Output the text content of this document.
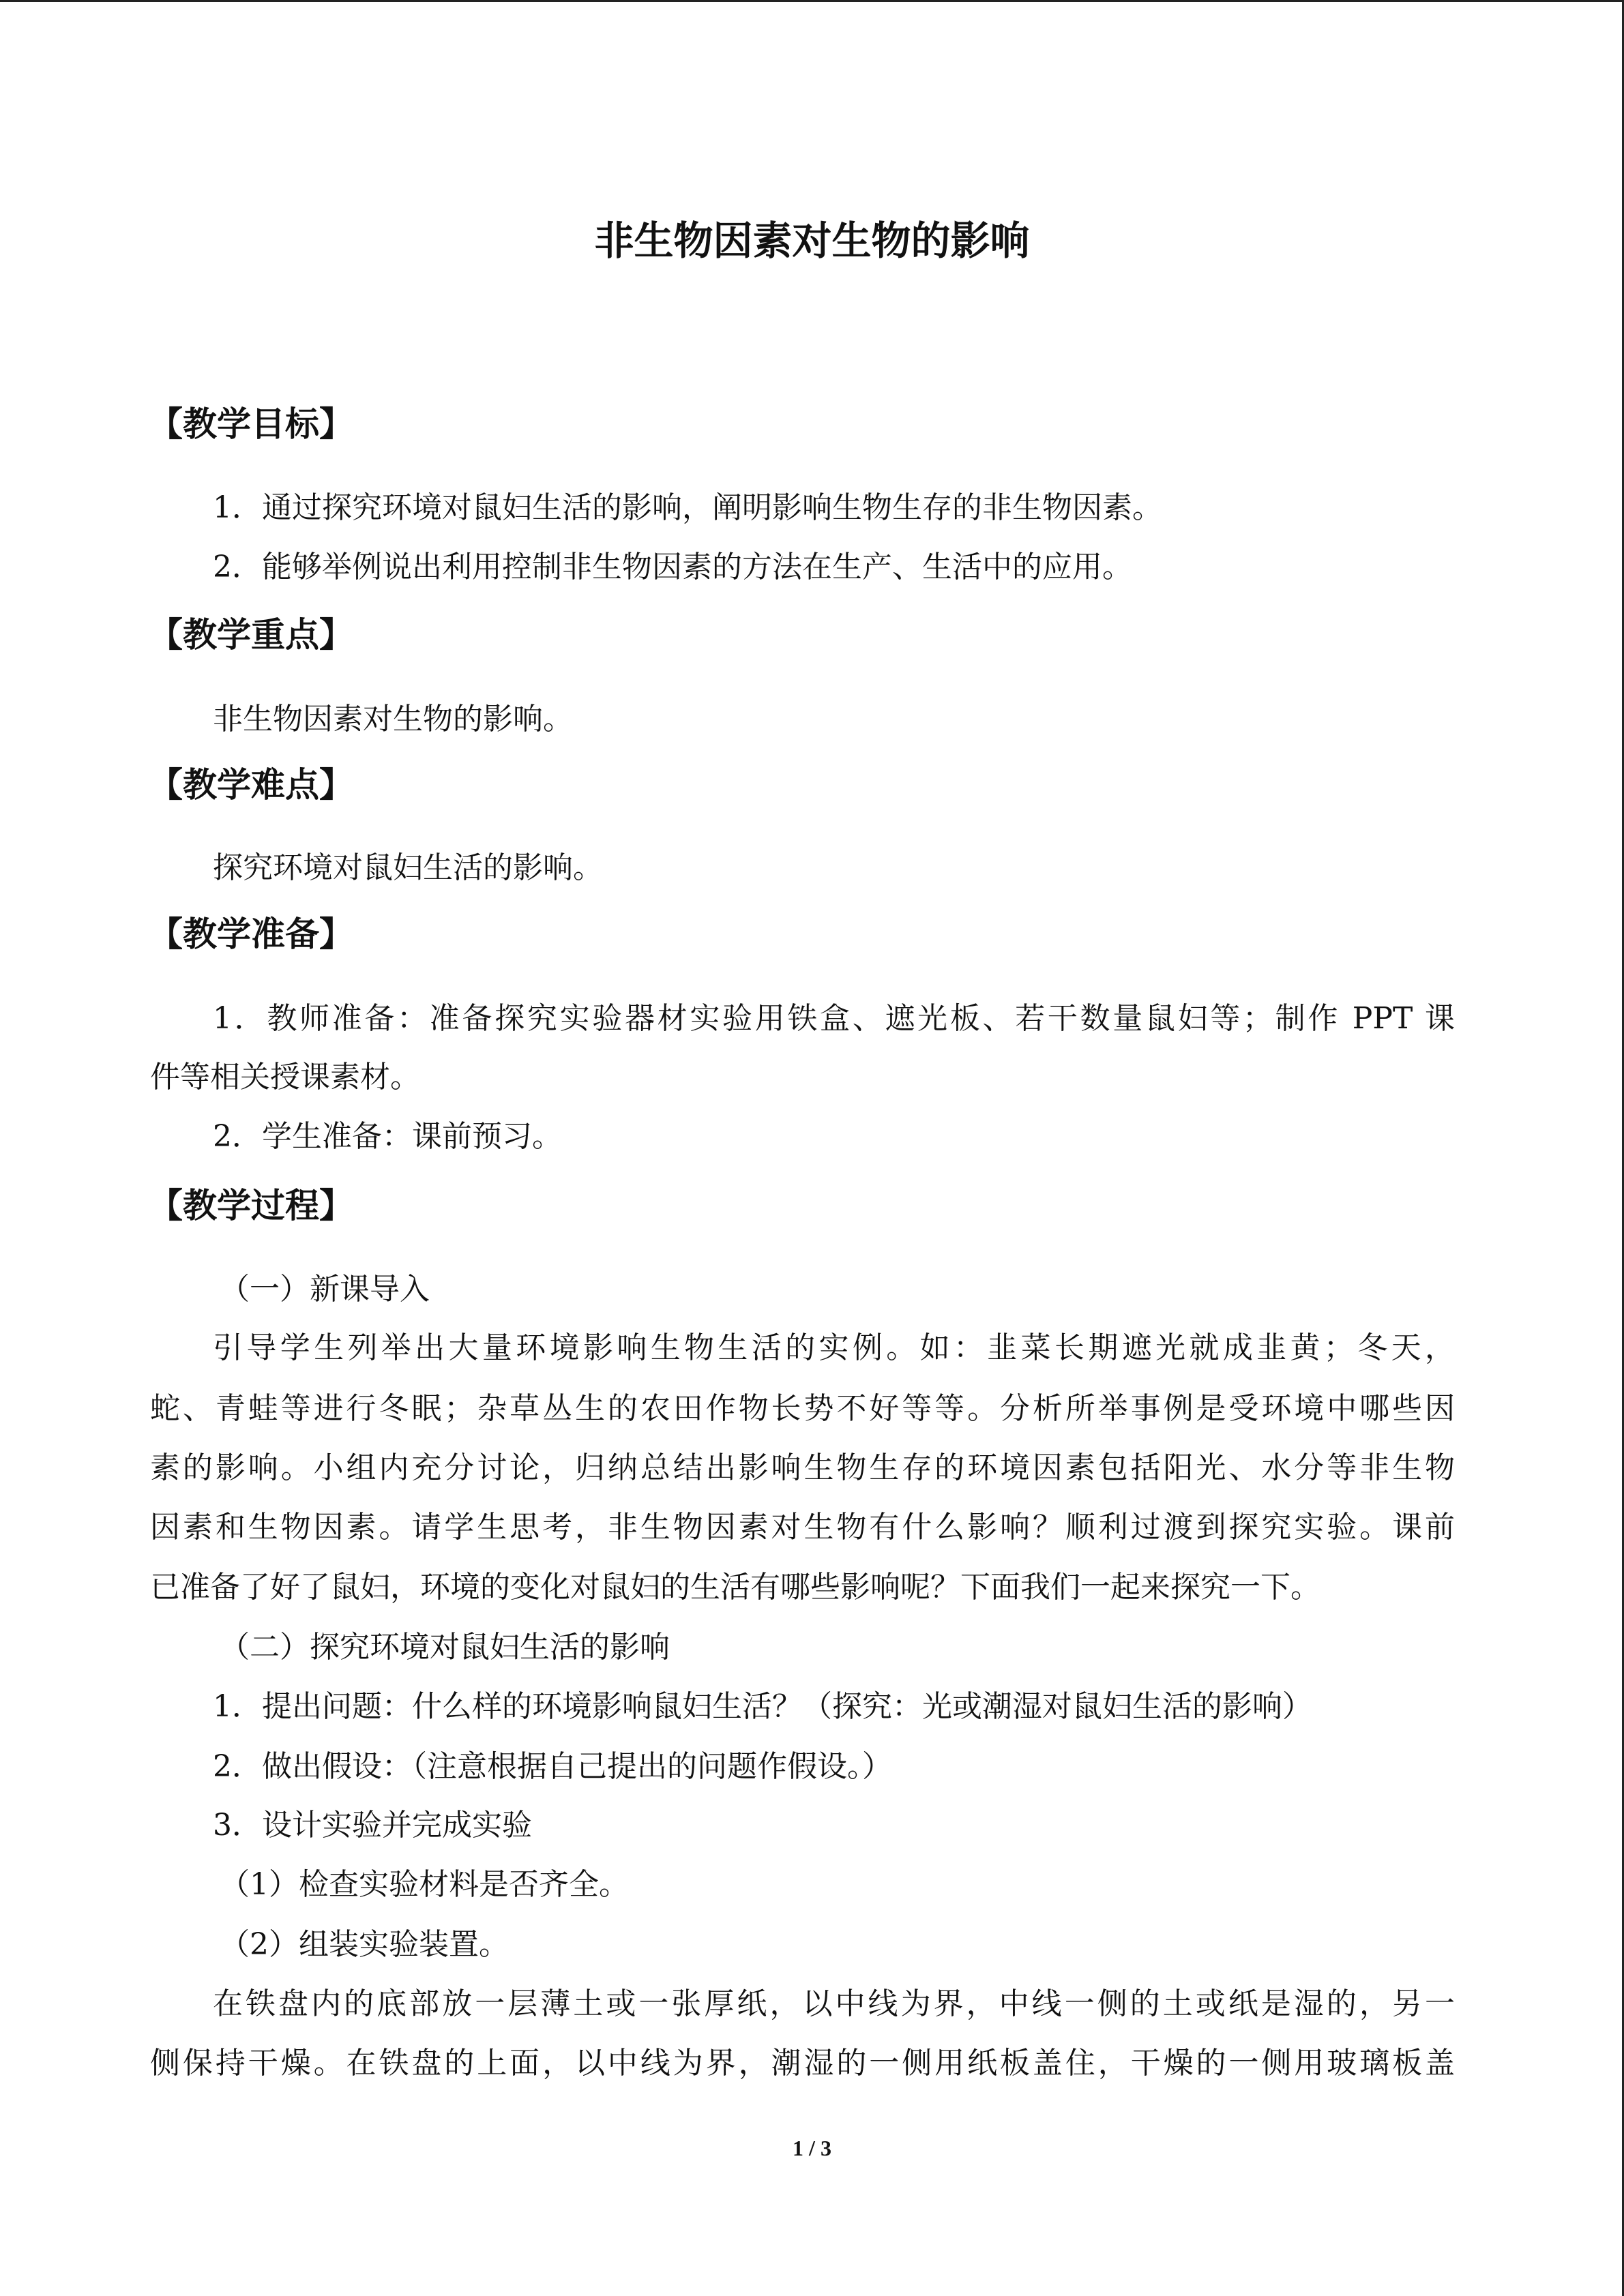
非生物因素对生物的影响
【教学目标】

1．通过探究环境对鼠妇生活的影响，阐明影响生物生存的非生物因素。

2．能够举例说出利用控制非生物因素的方法在生产、生活中的应用。

【教学重点】

非生物因素对生物的影响。

【教学难点】

探究环境对鼠妇生活的影响。

【教学准备】

1．教师准备：准备探究实验器材实验用铁盒、遮光板、若干数量鼠妇等；制作 PPT 课

件等相关授课素材。

2．学生准备：课前预习。

【教学过程】

（一）新课导入

引导学生列举出大量环境影响生物生活的实例。如：韭菜长期遮光就成韭黄；冬天，

蛇、青蛙等进行冬眠；杂草丛生的农田作物长势不好等等。分析所举事例是受环境中哪些因

素的影响。小组内充分讨论，归纳总结出影响生物生存的环境因素包括阳光、水分等非生物

因素和生物因素。请学生思考，非生物因素对生物有什么影响？顺利过渡到探究实验。课前

已准备了好了鼠妇，环境的变化对鼠妇的生活有哪些影响呢？下面我们一起来探究一下。

（二）探究环境对鼠妇生活的影响

1．提出问题：什么样的环境影响鼠妇生活？（探究：光或潮湿对鼠妇生活的影响）

2．做出假设：（注意根据自己提出的问题作假设。）

3．设计实验并完成实验

（1）检查实验材料是否齐全。

（2）组装实验装置。

在铁盘内的底部放一层薄土或一张厚纸，以中线为界，中线一侧的土或纸是湿的，另一

侧保持干燥。在铁盘的上面，以中线为界，潮湿的一侧用纸板盖住，干燥的一侧用玻璃板盖

1 / 3
